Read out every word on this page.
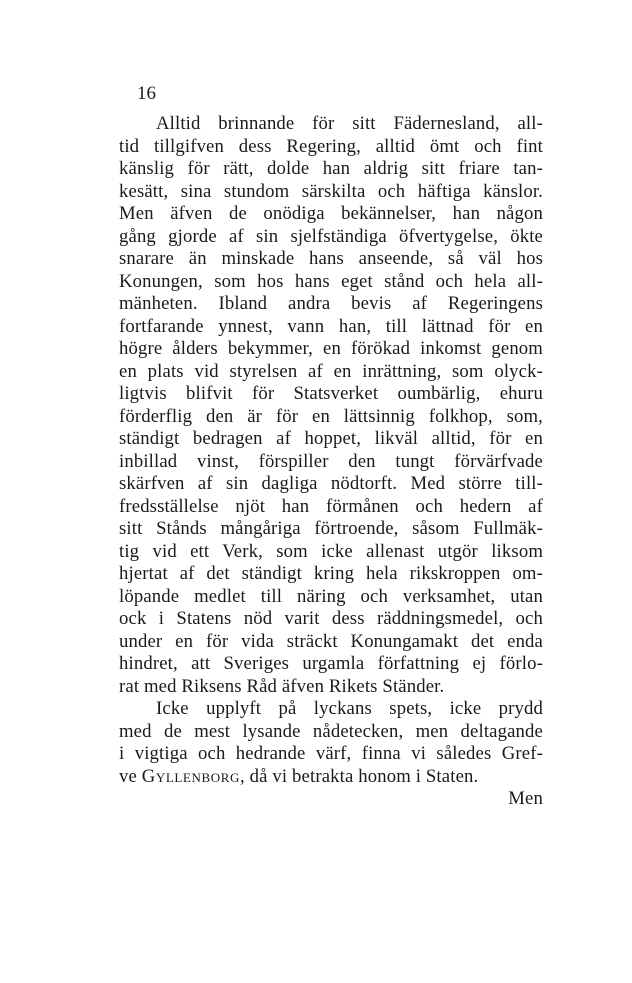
16
Alltid brinnande för sitt Fädernesland, all-
tid tillgifven dess Regering, alltid ömt och fint
känslig för rätt, dolde han aldrig sitt friare tan-
kesätt, sina stundom särskilta och häftiga känslor.
Men äfven de onödiga bekännelser, han någon
gång gjorde af sin sjelfständiga öfvertygelse, ökte
snarare än minskade hans anseende, så väl hos
Konungen, som hos hans eget stånd och hela all-
mänheten. Ibland andra bevis af Regeringens
fortfarande ynnest, vann han, till lättnad för en
högre ålders bekymmer, en förökad inkomst genom
en plats vid styrelsen af en inrättning, som olyck-
ligtvis blifvit för Statsverket oumbärlig, ehuru
förderflig den är för en lättsinnig folkhop, som,
ständigt bedragen af hoppet, likväl alltid, för en
inbillad vinst, förspiller den tungt förvärfvade
skärfven af sin dagliga nödtorft. Med större till-
fredsställelse njöt han förmånen och hedern af
sitt Stånds mångåriga förtroende, såsom Fullmäk-
tig vid ett Verk, som icke allenast utgör liksom
hjertat af det ständigt kring hela rikskroppen om-
löpande medlet till näring och verksamhet, utan
ock i Statens nöd varit dess räddningsmedel, och
under en för vida sträckt Konungamakt det enda
hindret, att Sveriges urgamla författning ej förlo-
rat med Riksens Råd äfven Rikets Ständer.
Icke upplyft på lyckans spets, icke prydd
med de mest lysande nådetecken, men deltagande
i vigtiga och hedrande värf, finna vi således Gref-
ve Gyllenborg, då vi betrakta honom i Staten.
Men
